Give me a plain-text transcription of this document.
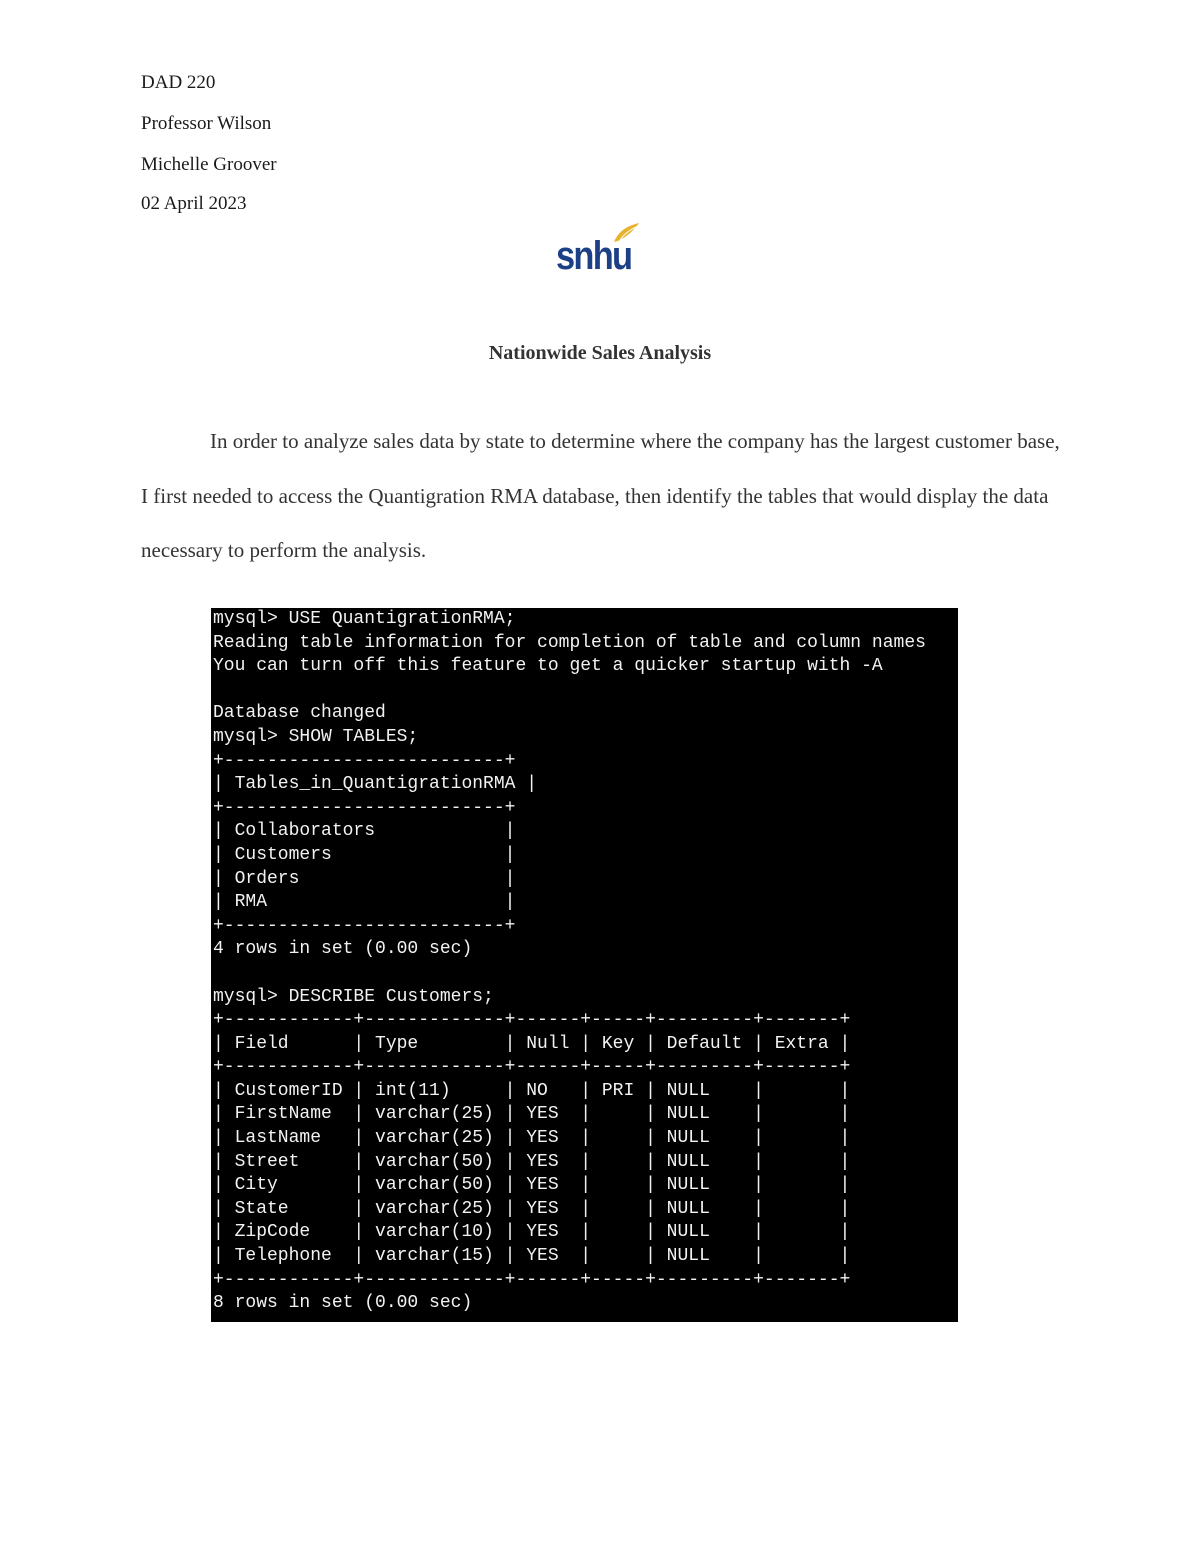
DAD 220
Professor Wilson
Michelle Groover
02 April 2023
snhu
Nationwide Sales Analysis
In order to analyze sales data by state to determine where the company has the largest customer base, I first needed to access the Quantigration RMA database, then identify the tables that would display the data necessary to perform the analysis.
mysql> USE QuantigrationRMA;
Reading table information for completion of table and column names
You can turn off this feature to get a quicker startup with -A

Database changed
mysql> SHOW TABLES;
+--------------------------+
| Tables_in_QuantigrationRMA |
+--------------------------+
| Collaborators            |
| Customers                |
| Orders                   |
| RMA                      |
+--------------------------+
4 rows in set (0.00 sec)

mysql> DESCRIBE Customers;
+------------+-------------+------+-----+---------+-------+
| Field      | Type        | Null | Key | Default | Extra |
+------------+-------------+------+-----+---------+-------+
| CustomerID | int(11)     | NO   | PRI | NULL    |       |
| FirstName  | varchar(25) | YES  |     | NULL    |       |
| LastName   | varchar(25) | YES  |     | NULL    |       |
| Street     | varchar(50) | YES  |     | NULL    |       |
| City       | varchar(50) | YES  |     | NULL    |       |
| State      | varchar(25) | YES  |     | NULL    |       |
| ZipCode    | varchar(10) | YES  |     | NULL    |       |
| Telephone  | varchar(15) | YES  |     | NULL    |       |
+------------+-------------+------+-----+---------+-------+
8 rows in set (0.00 sec)
